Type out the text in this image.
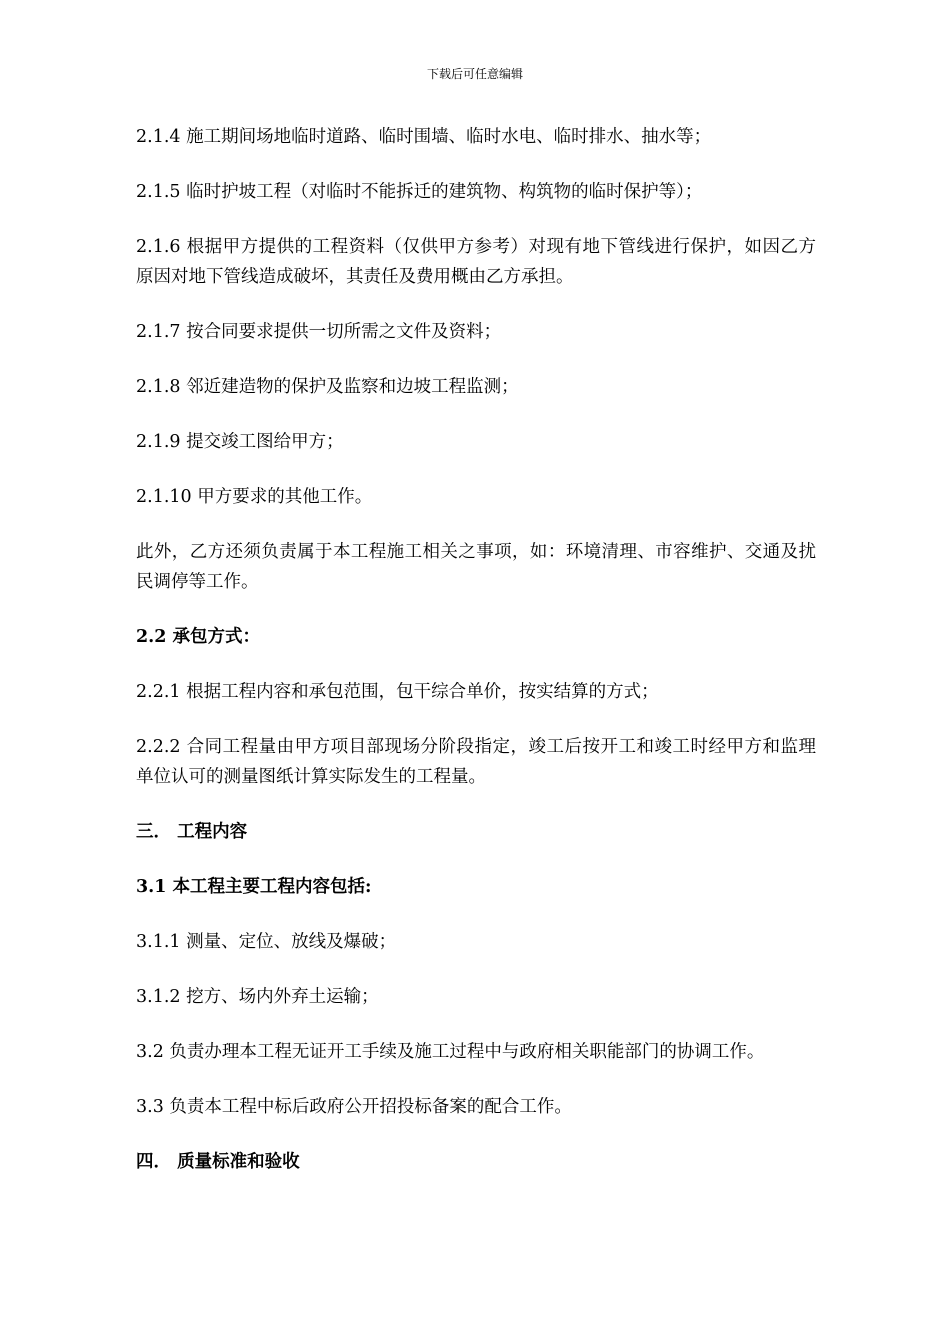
下载后可任意编辑

2.1.4 施工期间场地临时道路、临时围墙、临时水电、临时排水、抽水等；

2.1.5 临时护坡工程（对临时不能拆迁的建筑物、构筑物的临时保护等）；

2.1.6 根据甲方提供的工程资料（仅供甲方参考）对现有地下管线进行保护，如因乙方原因对地下管线造成破坏，其责任及费用概由乙方承担。

2.1.7 按合同要求提供一切所需之文件及资料；

2.1.8 邻近建造物的保护及监察和边坡工程监测；

2.1.9 提交竣工图给甲方；

2.1.10 甲方要求的其他工作。

此外，乙方还须负责属于本工程施工相关之事项，如：环境清理、市容维护、交通及扰民调停等工作。

2.2 承包方式：

2.2.1 根据工程内容和承包范围，包干综合单价，按实结算的方式；

2.2.2 合同工程量由甲方项目部现场分阶段指定，竣工后按开工和竣工时经甲方和监理单位认可的测量图纸计算实际发生的工程量。

三． 工程内容

3.1 本工程主要工程内容包括:

3.1.1 测量、定位、放线及爆破；

3.1.2 挖方、场内外弃土运输；

3.2 负责办理本工程无证开工手续及施工过程中与政府相关职能部门的协调工作。

3.3 负责本工程中标后政府公开招投标备案的配合工作。

四． 质量标准和验收
